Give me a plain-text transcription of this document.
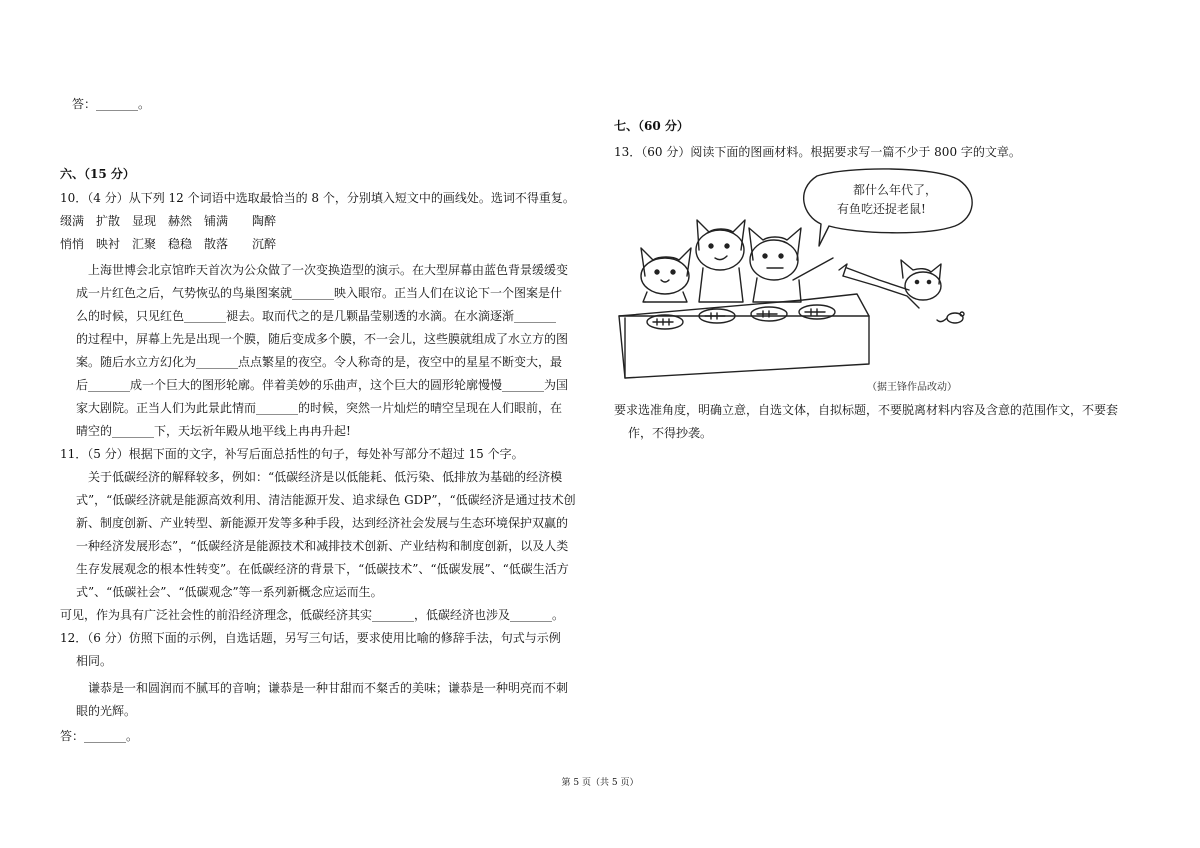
答：_______。
六、（15 分）
10．（4 分）从下列 12 个词语中选取最恰当的 8 个，分别填入短文中的画线处。选词不得重复。
缀满　扩散　显现　赫然　铺满　　陶醉
悄悄　映衬　汇聚　稳稳　散落　　沉醉
　上海世博会北京馆昨天首次为公众做了一次变换造型的演示。在大型屏幕由蓝色背景缓缓变
成一片红色之后，气势恢弘的鸟巢图案就_______映入眼帘。正当人们在议论下一个图案是什
么的时候，只见红色_______褪去。取而代之的是几颗晶莹剔透的水滴。在水滴逐渐_______
的过程中，屏幕上先是出现一个膜，随后变成多个膜，不一会儿，这些膜就组成了水立方的图
案。随后水立方幻化为_______点点繁星的夜空。令人称奇的是，夜空中的星星不断变大，最
后_______成一个巨大的图形轮廓。伴着美妙的乐曲声，这个巨大的圆形轮廓慢慢_______为国
家大剧院。正当人们为此景此情而_______的时候，突然一片灿烂的晴空呈现在人们眼前，在
晴空的_______下，天坛祈年殿从地平线上冉冉升起!
11．（5 分）根据下面的文字，补写后面总括性的句子，每处补写部分不超过 15 个字。
　关于低碳经济的解释较多，例如：“低碳经济是以低能耗、低污染、低排放为基础的经济模
式”，“低碳经济就是能源高效利用、清洁能源开发、追求绿色 GDP”，“低碳经济是通过技术创
新、制度创新、产业转型、新能源开发等多种手段，达到经济社会发展与生态环境保护双赢的
一种经济发展形态”，“低碳经济是能源技术和减排技术创新、产业结构和制度创新，以及人类
生存发展观念的根本性转变”。在低碳经济的背景下，“低碳技术”、“低碳发展”、“低碳生活方
式”、“低碳社会”、“低碳观念”等一系列新概念应运而生。
可见，作为具有广泛社会性的前沿经济理念，低碳经济其实_______，低碳经济也涉及_______。
12．（6 分）仿照下面的示例，自选话题，另写三句话，要求使用比喻的修辞手法，句式与示例
相同。
　谦恭是一和圆润而不腻耳的音响；谦恭是一种甘甜而不粲舌的美味；谦恭是一种明亮而不刺
眼的光辉。
答：_______。
七、（60 分）
13．（60 分）阅读下面的图画材料。根据要求写一篇不少于 800 字的文章。
要求选准角度，明确立意，自选文体，自拟标题，不要脱离材料内容及含意的范围作文，不要套
作，不得抄袭。
都什么年代了，
有鱼吃还捉老鼠!
（据王锋作品改动）
第 5 页（共 5 页）
